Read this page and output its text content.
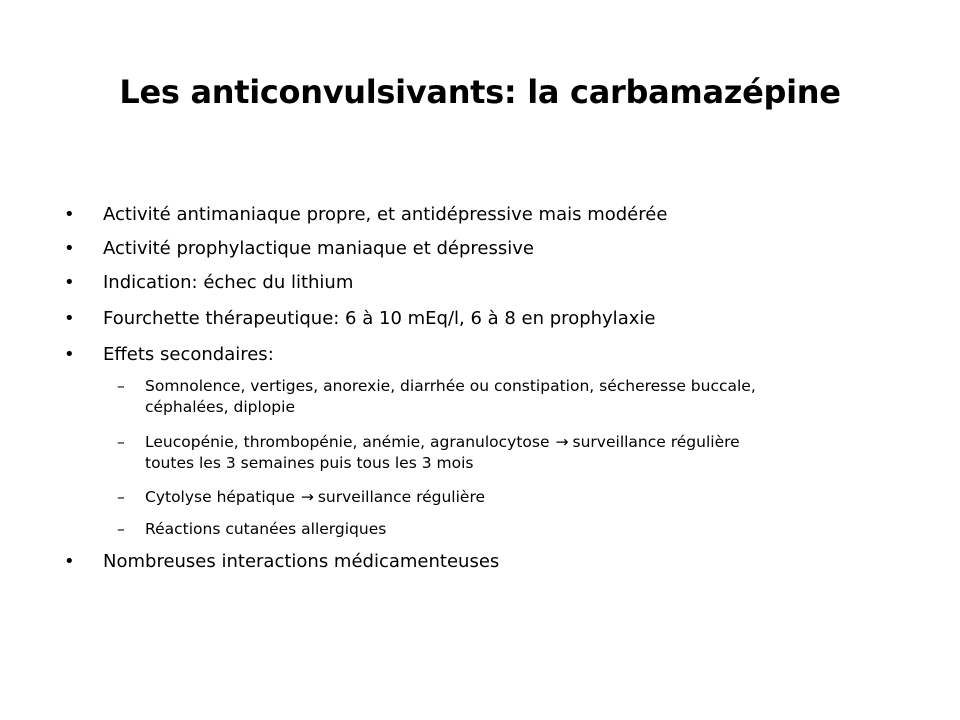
Les anticonvulsivants: la carbamazépine
• Activité antimaniaque propre, et antidépressive mais modérée
• Activité prophylactique maniaque et dépressive
• Indication: échec du lithium
• Fourchette thérapeutique: 6 à 10 mEq/l, 6 à 8 en prophylaxie
• Effets secondaires:
– Somnolence, vertiges, anorexie, diarrhée ou constipation, sécheresse buccale,
céphalées, diplopie
– Leucopénie, thrombopénie, anémie, agranulocytose → surveillance régulière
toutes les 3 semaines puis tous les 3 mois
– Cytolyse hépatique → surveillance régulière
– Réactions cutanées allergiques
• Nombreuses interactions médicamenteuses
